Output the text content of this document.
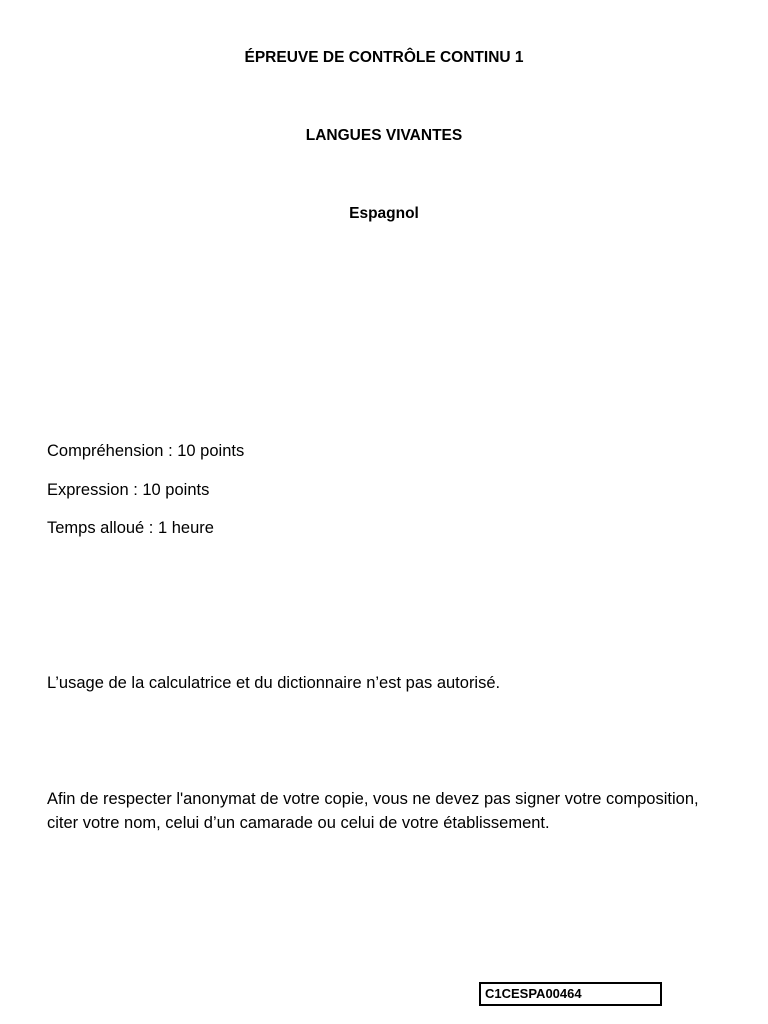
ÉPREUVE DE CONTRÔLE CONTINU 1
LANGUES VIVANTES
Espagnol

Compréhension : 10 points

Expression : 10 points

Temps alloué : 1 heure

L’usage de la calculatrice et du dictionnaire n’est pas autorisé.

Afin de respecter l'anonymat de votre copie, vous ne devez pas signer votre composition, citer votre nom, celui d’un camarade ou celui de votre établissement.

C1CESPA00464
